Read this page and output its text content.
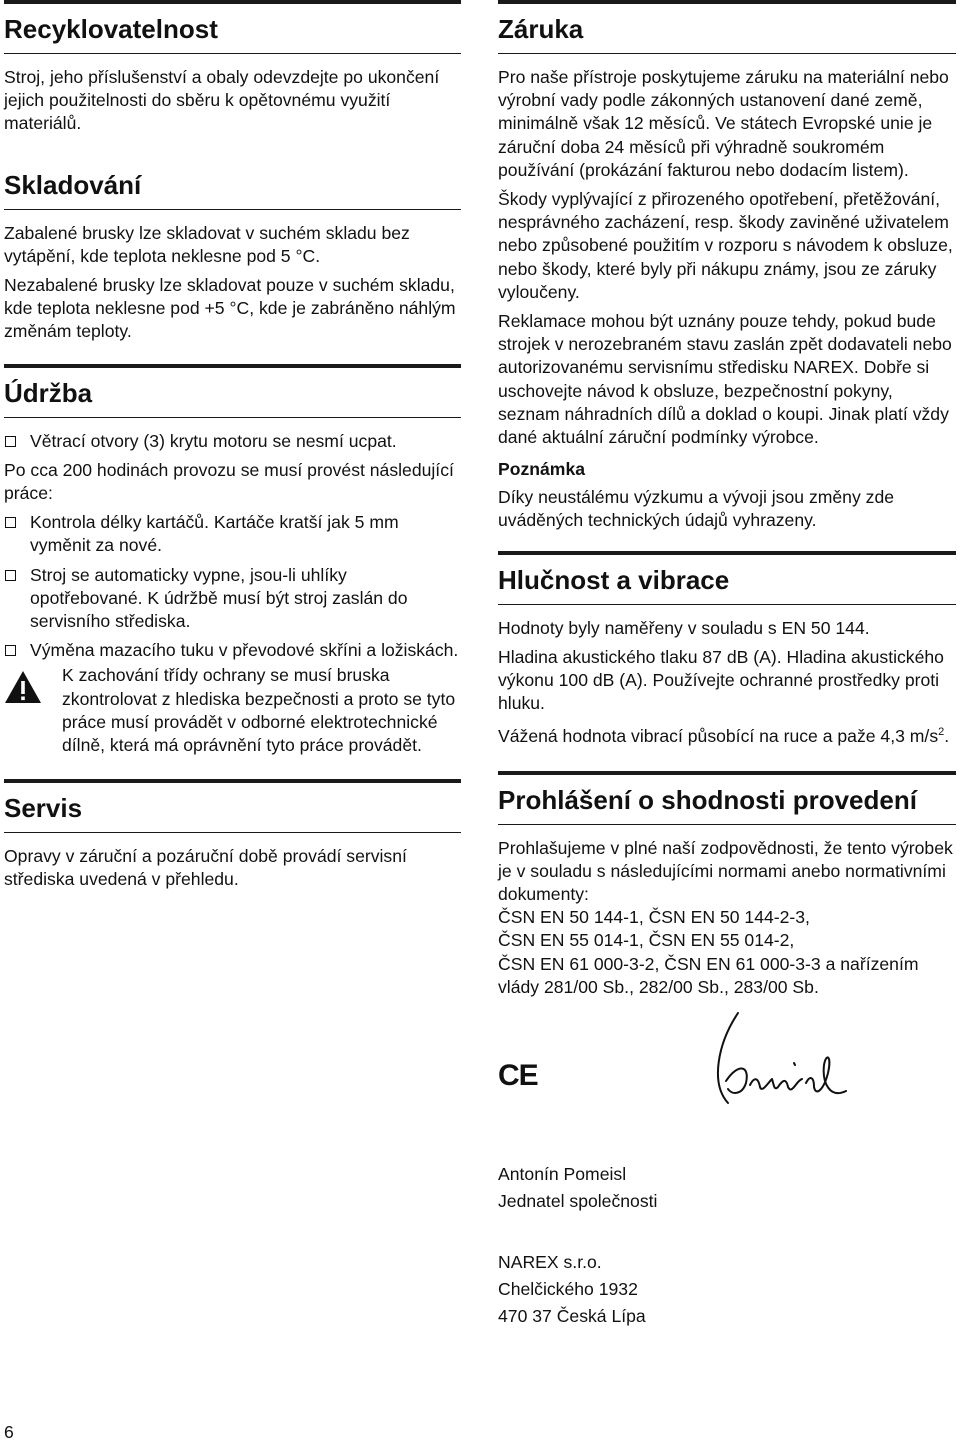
Recyklovatelnost

Stroj, jeho příslušenství a obaly odevzdejte po ukončení jejich použitelnosti do sběru k opětovnému využití materiálů.

Skladování

Zabalené brusky lze skladovat v suchém skladu bez vytápění, kde teplota neklesne pod 5 °C.

Nezabalené brusky lze skladovat pouze v suchém skladu, kde teplota neklesne pod +5 °C, kde je zabráněno náhlým změnám teploty.

Údržba

Větrací otvory (3) krytu motoru se nesmí ucpat.

Po cca 200 hodinách provozu se musí provést následující práce:

Kontrola délky kartáčů. Kartáče kratší jak 5 mm vyměnit za nové.

Stroj se automaticky vypne, jsou-li uhlíky opotřebované. K údržbě musí být stroj zaslán do servisního střediska.

Výměna mazacího tuku v převodové skříni a ložiskách.

K zachování třídy ochrany se musí bruska zkontrolovat z hlediska bezpečnosti a proto se tyto práce musí provádět v odborné elektrotechnické dílně, která má oprávnění tyto práce provádět.

Servis

Opravy v záruční a pozáruční době provádí servisní střediska uvedená v přehledu.

6
Záruka

Pro naše přístroje poskytujeme záruku na materiální nebo výrobní vady podle zákonných ustanovení dané země, minimálně však 12 měsíců. Ve státech Evropské unie je záruční doba 24 měsíců při výhradně soukromém používání (prokázání fakturou nebo dodacím listem).

Škody vyplývající z přirozeného opotřebení, přetěžování, nesprávného zacházení, resp. škody zaviněné uživatelem nebo způsobené použitím v rozporu s návodem k obsluze, nebo škody, které byly při nákupu známy, jsou ze záruky vyloučeny.

Reklamace mohou být uznány pouze tehdy, pokud bude strojek v nerozebraném stavu zaslán zpět dodavateli nebo autorizovanému servisnímu středisku NAREX. Dobře si uschovejte návod k obsluze, bezpečnostní pokyny, seznam náhradních dílů a doklad o koupi. Jinak platí vždy dané aktuální záruční podmínky výrobce.

Poznámka

Díky neustálému výzkumu a vývoji jsou změny zde uváděných technických údajů vyhrazeny.

Hlučnost a vibrace

Hodnoty byly naměřeny v souladu s EN 50 144.

Hladina akustického tlaku 87 dB (A). Hladina akustického výkonu 100 dB (A). Používejte ochranné prostředky proti hluku.

Vážená hodnota vibrací působící na ruce a paže 4,3 $m/s^2$.

Prohlášení o shodnosti provedení

Prohlašujeme v plné naší zodpovědnosti, že tento výrobek je v souladu s následujícími normami anebo normativními dokumenty:

ČSN EN 50 144-1, ČSN EN 50 144-2-3,

ČSN EN 55 014-1, ČSN EN 55 014-2,

ČSN EN 61 000-3-2, ČSN EN 61 000-3-3 a nařízením vlády 281/00 Sb., 282/00 Sb., 283/00 Sb.

CE

Antonín Pomeisl

Jednatel společnosti

NAREX s.r.o.

Chelčického 1932

470 37 Česká Lípa
